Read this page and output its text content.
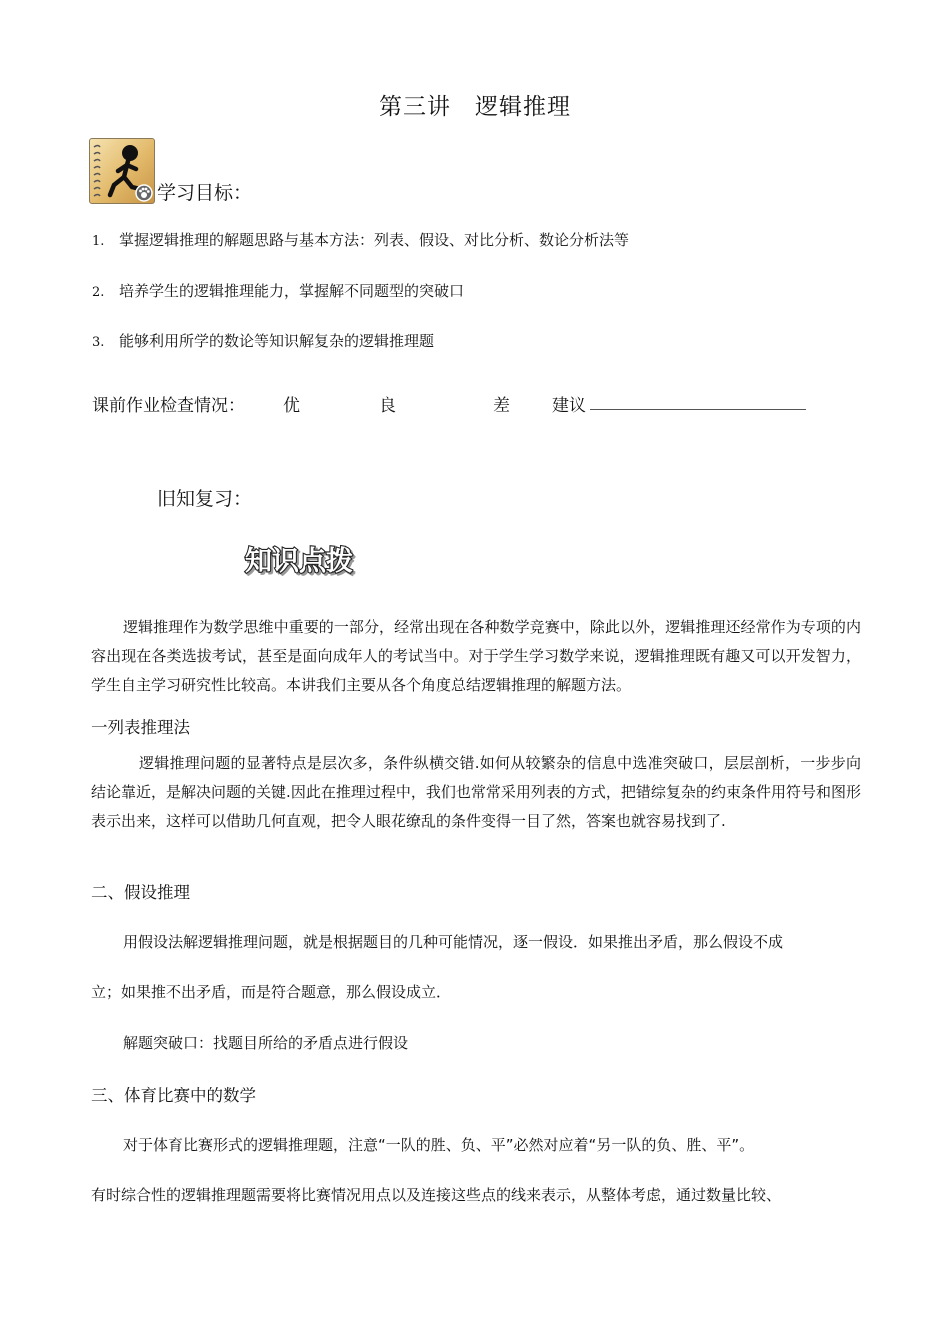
第三讲 逻辑推理
学习目标：
1. 掌握逻辑推理的解题思路与基本方法：列表、假设、对比分析、数论分析法等
2. 培养学生的逻辑推理能力，掌握解不同题型的突破口
3. 能够利用所学的数论等知识解复杂的逻辑推理题
课前作业检查情况： 优	良	差 建议
旧知复习：
知识点拨

逻辑推理作为数学思维中重要的一部分，经常出现在各种数学竞赛中，除此以外，逻辑推理还经常作为专项的内容出现在各类选拔考试，甚至是面向成年人的考试当中。对于学生学习数学来说，逻辑推理既有趣又可以开发智力，学生自主学习研究性比较高。本讲我们主要从各个角度总结逻辑推理的解题方法。

一列表推理法

逻辑推理问题的显著特点是层次多，条件纵横交错.如何从较繁杂的信息中选准突破口，层层剖析，一步步向结论靠近，是解决问题的关键.因此在推理过程中，我们也常常采用列表的方式，把错综复杂的约束条件用符号和图形表示出来，这样可以借助几何直观，把令人眼花缭乱的条件变得一目了然，答案也就容易找到了.

二、假设推理
用假设法解逻辑推理问题，就是根据题目的几种可能情况，逐一假设．如果推出矛盾，那么假设不成
立；如果推不出矛盾，而是符合题意，那么假设成立．
解题突破口：找题目所给的矛盾点进行假设
三、体育比赛中的数学
对于体育比赛形式的逻辑推理题，注意“一队的胜、负、平”必然对应着“另一队的负、胜、平”。
有时综合性的逻辑推理题需要将比赛情况用点以及连接这些点的线来表示，从整体考虑，通过数量比较、
